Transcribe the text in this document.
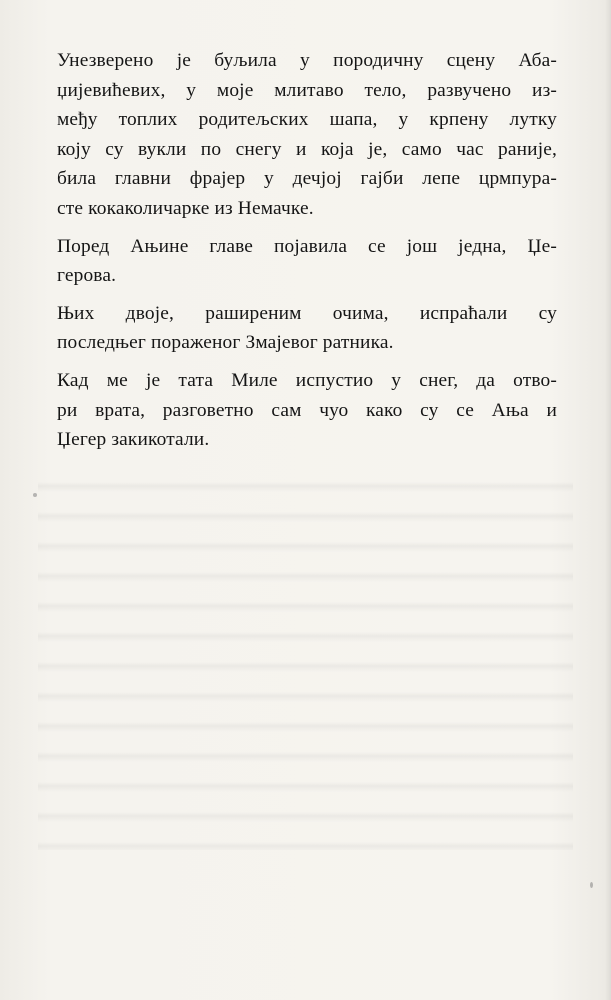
Унезверено је буљила у породичну сцену Аба-
џијевићевих, у моје млитаво тело, развучено из-
међу топлих родитељских шапа, у крпену лутку
коју су вукли по снегу и која је, само час раније,
била главни фрајер у дечјој гајби лепе црмпура-
сте кокаколичарке из Немачке.
Поред Ањине главе појавила се још једна, Џе-
герова.
Њих двоје, раширеним очима, испраћали су
последњег пораженог Змајевог ратника.
Кад ме је тата Миле испустио у снег, да отво-
ри врата, разговетно сам чуо како су се Ања и
Џегер закикотали.
